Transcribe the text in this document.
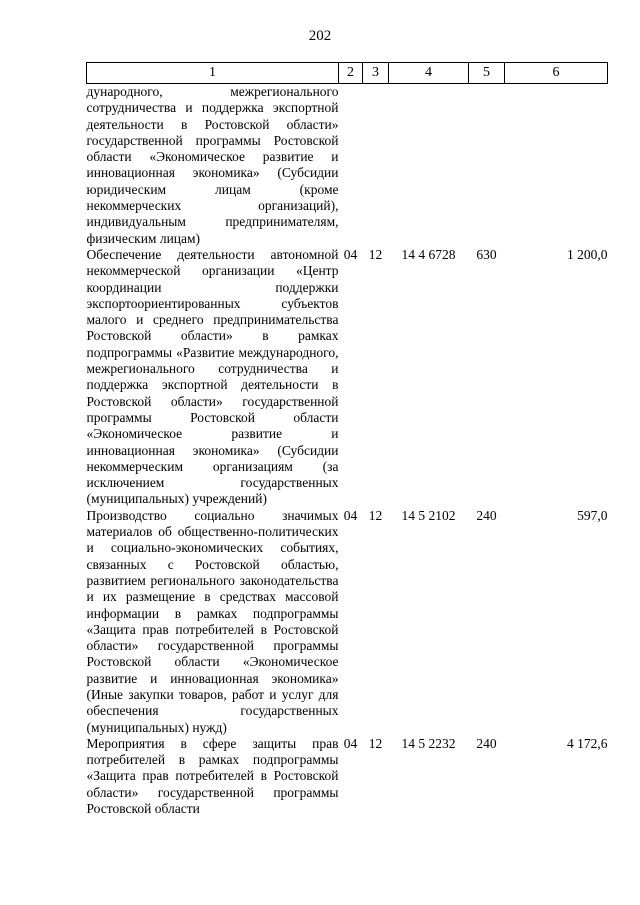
202
1	2	3	4	5	6
дународного, межрегионального сотрудничества и поддержка экспортной деятельности в Ростовской области» государственной программы Ростовской области «Экономическое развитие и инновационная экономика» (Субсидии юридическим лицам (кроме некоммерческих организаций), индивидуальным предпринимателям, физическим лицам)					
Обеспечение деятельности автономной некоммерческой организации «Центр координации поддержки экспортоориентированных субъектов малого и среднего предпринимательства Ростовской области» в рамках подпрограммы «Развитие международного, межрегионального сотрудничества и поддержка экспортной деятельности в Ростовской области» государственной программы Ростовской области «Экономическое развитие и инновационная экономика» (Субсидии некоммерческим организациям (за исключением государственных (муниципальных) учреждений)	04	12	14 4 6728	630	1 200,0
Производство социально значимых материалов об общественно-политических и социально-экономических событиях, связанных с Ростовской областью, развитием регионального законодательства и их размещение в средствах массовой информации в рамках подпрограммы «Защита прав потребителей в Ростовской области» государственной программы Ростовской области «Экономическое развитие и инновационная экономика» (Иные закупки товаров, работ и услуг для обеспечения государственных (муниципальных) нужд)	04	12	14 5 2102	240	597,0
Мероприятия в сфере защиты прав потребителей в рамках подпрограммы «Защита прав потребителей в Ростовской области» государственной программы Ростовской области	04	12	14 5 2232	240	4 172,6
